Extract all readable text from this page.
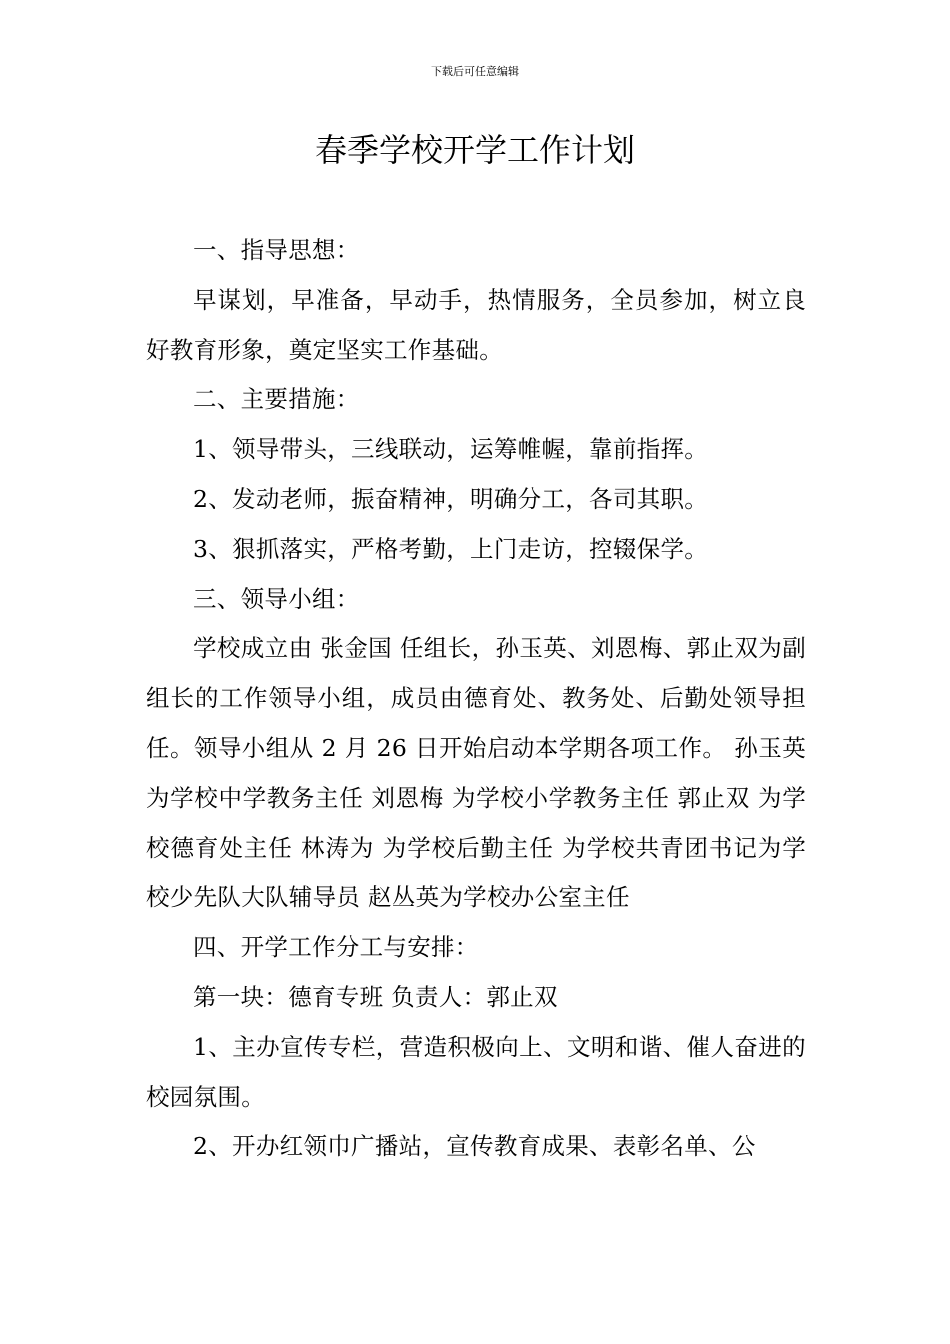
下载后可任意编辑
春季学校开学工作计划

一、指导思想：

早谋划，早准备，早动手，热情服务，全员参加，树立良好教育形象，奠定坚实工作基础。

二、主要措施：

1、领导带头，三线联动，运筹帷幄，靠前指挥。

2、发动老师，振奋精神，明确分工，各司其职。

3、狠抓落实，严格考勤，上门走访，控辍保学。

三、领导小组：

学校成立由 张金国 任组长，孙玉英、刘恩梅、郭止双为副组长的工作领导小组，成员由德育处、教务处、后勤处领导担任。领导小组从 2 月 26 日开始启动本学期各项工作。 孙玉英 为学校中学教务主任 刘恩梅 为学校小学教务主任 郭止双 为学校德育处主任 林涛为 为学校后勤主任 为学校共青团书记为学校少先队大队辅导员 赵丛英为学校办公室主任

四、开学工作分工与安排：

第一块：德育专班 负责人：郭止双

1、主办宣传专栏，营造积极向上、文明和谐、催人奋进的校园氛围。

2、开办红领巾广播站，宣传教育成果、表彰名单、公
